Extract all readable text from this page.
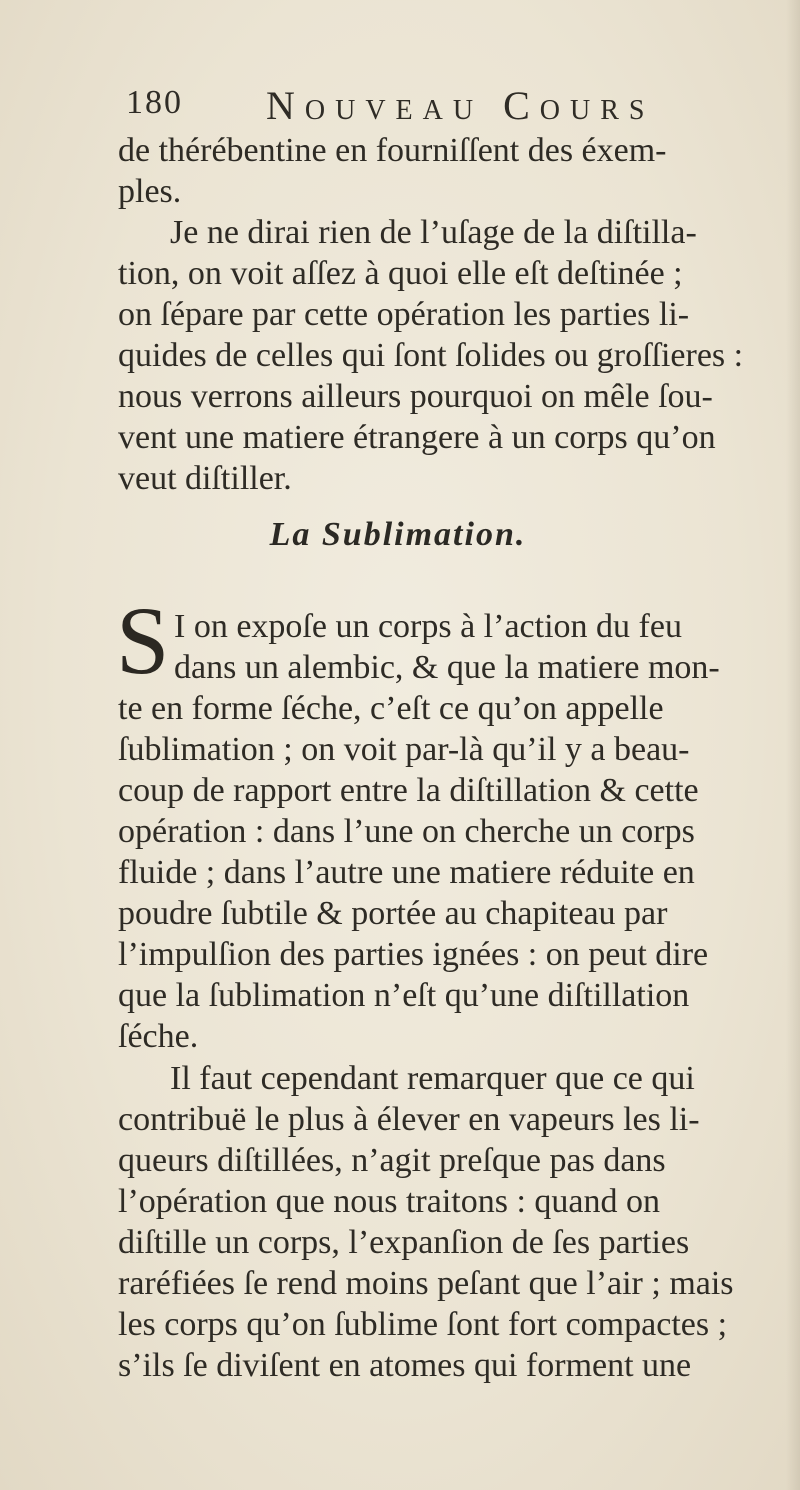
180 Nouveau Cours
de thérébentine en fourniſſent des éxem-
ples.
Je ne dirai rien de l’uſage de la diſtilla-
tion, on voit aſſez à quoi elle eſt deſtinée ;
on ſépare par cette opération les parties li-
quides de celles qui ſont ſolides ou groſſieres :
nous verrons ailleurs pourquoi on mêle ſou-
vent une matiere étrangere à un corps qu’on
veut diſtiller.
La Sublimation.
S I on expoſe un corps à l’action du feu
dans un alembic, & que la matiere mon-
te en forme ſéche, c’eſt ce qu’on appelle
ſublimation ; on voit par-là qu’il y a beau-
coup de rapport entre la diſtillation & cette
opération : dans l’une on cherche un corps
fluide ; dans l’autre une matiere réduite en
poudre ſubtile & portée au chapiteau par
l’impulſion des parties ignées : on peut dire
que la ſublimation n’eſt qu’une diſtillation
ſéche.
Il faut cependant remarquer que ce qui
contribuë le plus à élever en vapeurs les li-
queurs diſtillées, n’agit preſque pas dans
l’opération que nous traitons : quand on
diſtille un corps, l’expanſion de ſes parties
raréfiées ſe rend moins peſant que l’air ; mais
les corps qu’on ſublime ſont fort compactes ;
s’ils ſe diviſent en atomes qui forment une
